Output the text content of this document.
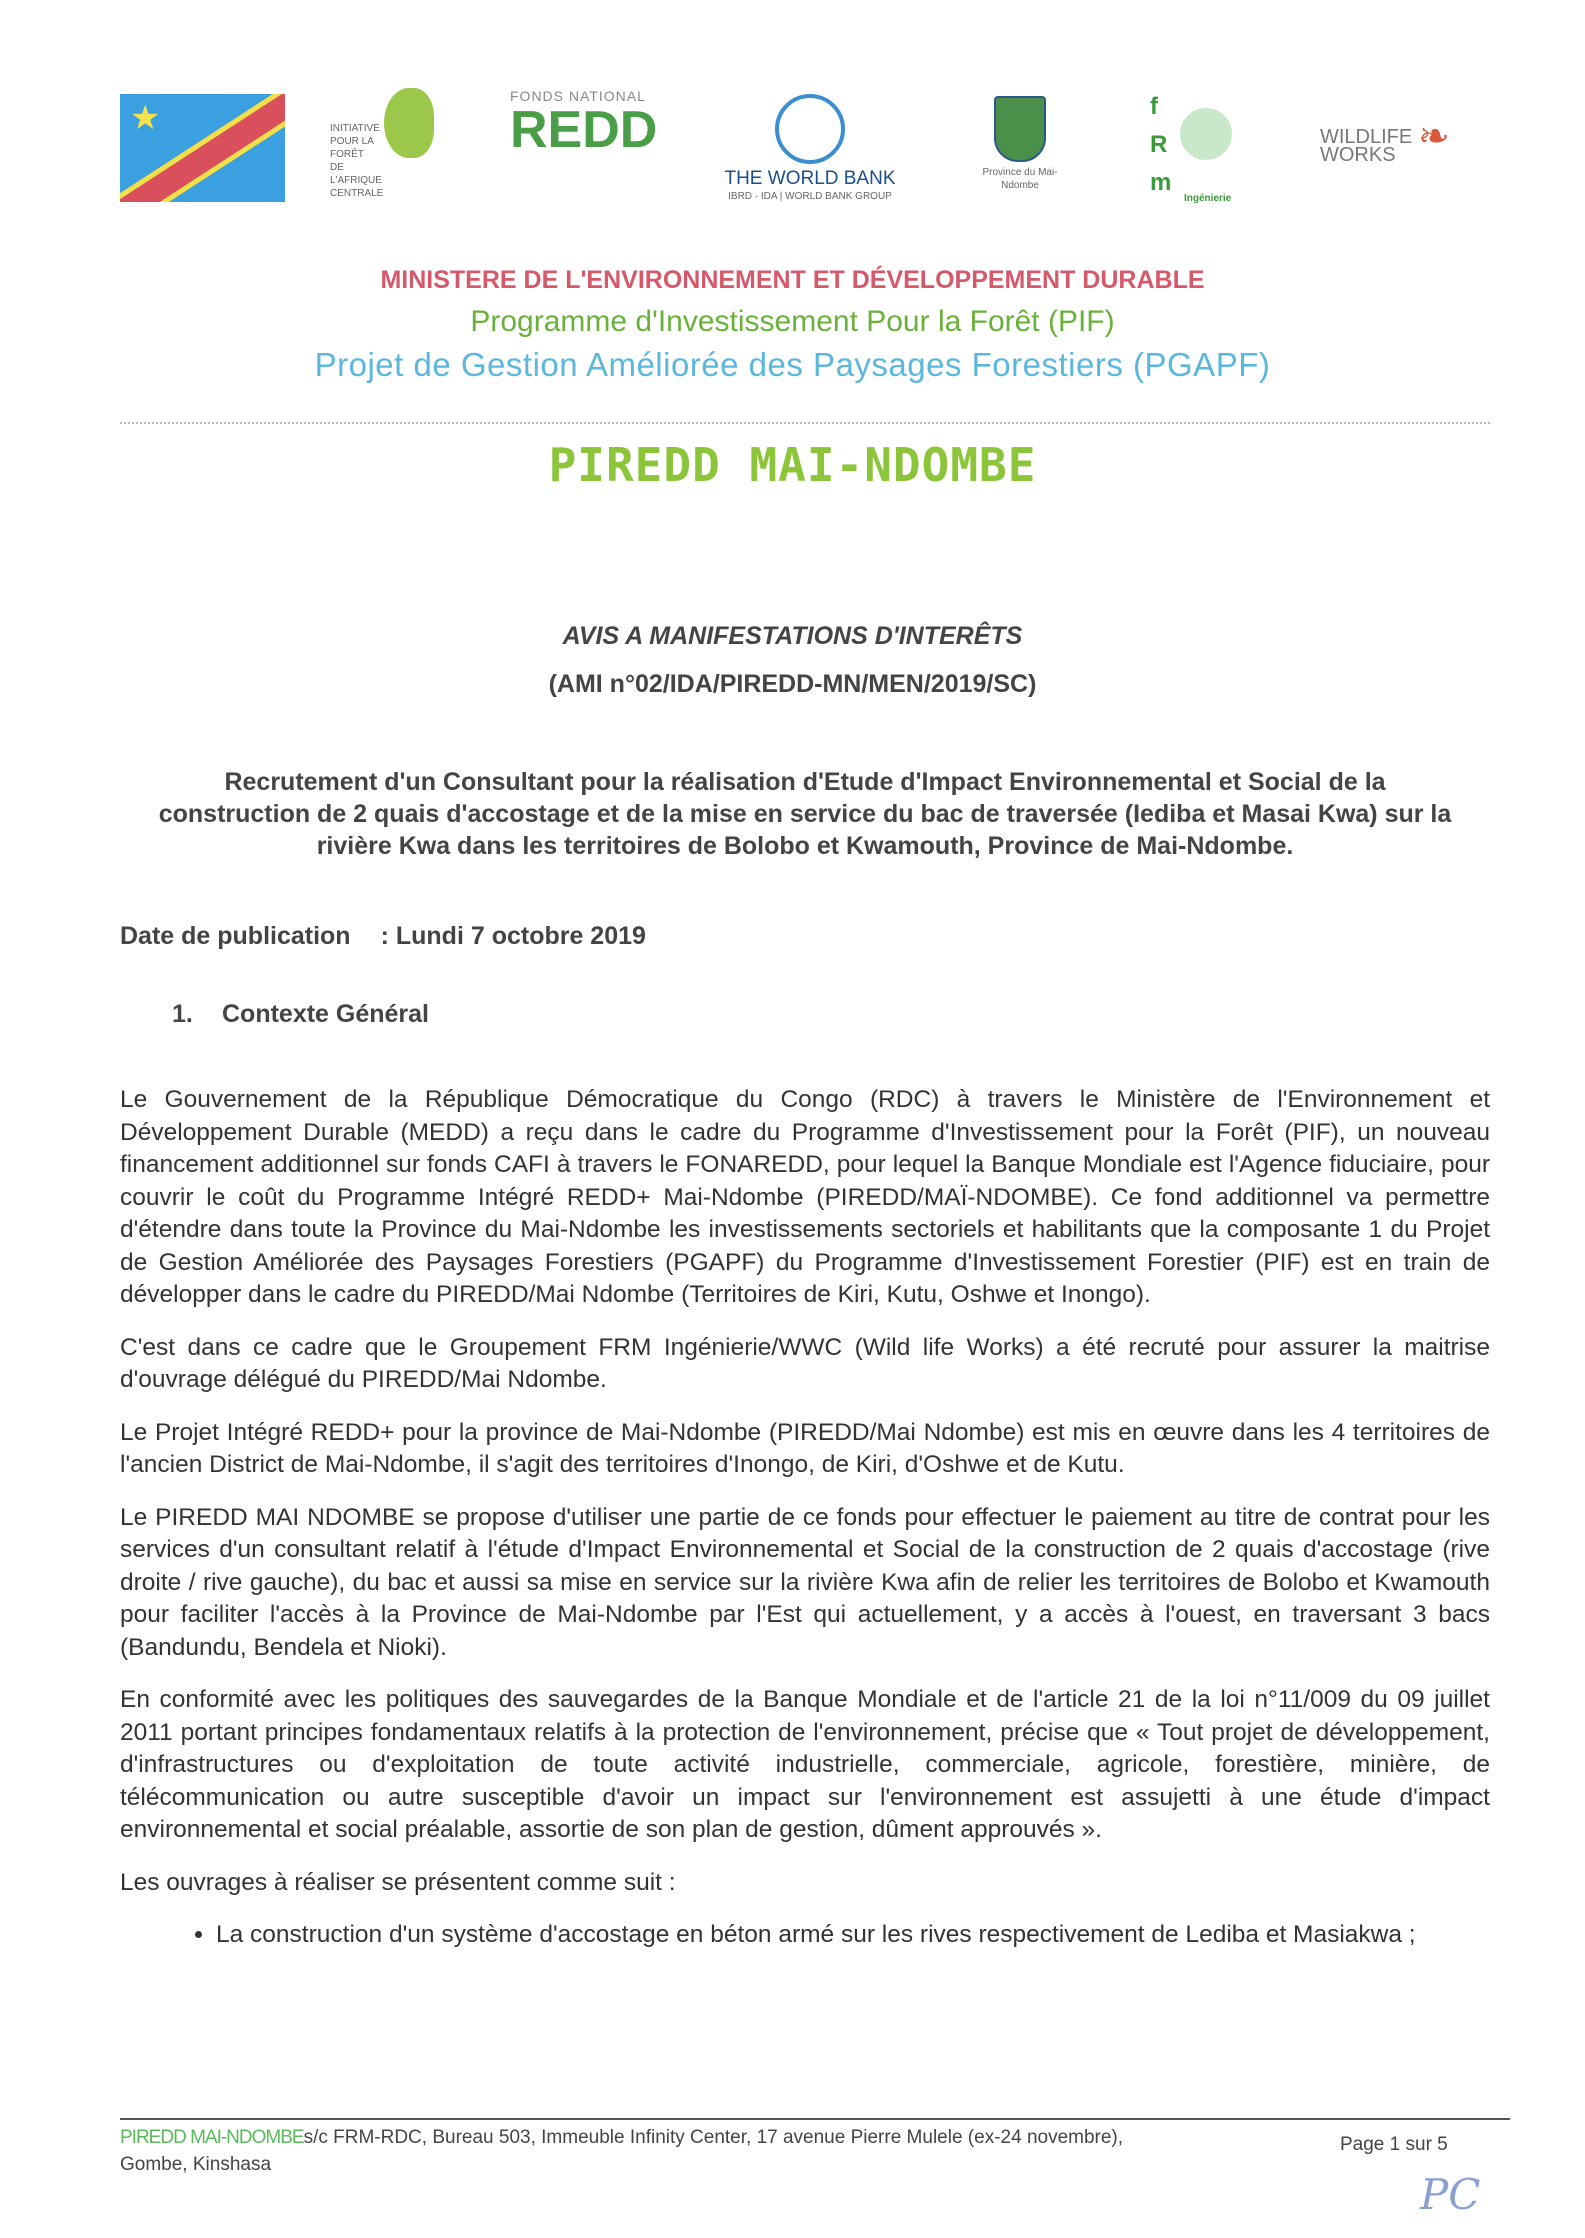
★	INITIATIVE POUR LA FORÊT DE L'AFRIQUE CENTRALE
FONDS NATIONAL
REDD
THE WORLD BANK
IBRD · IDA | WORLD BANK GROUP
Province du Mai-Ndombe
f
R
m
Ingénierie
WILDLIFE
WORKS ❧
MINISTERE DE L'ENVIRONNEMENT ET DÉVELOPPEMENT DURABLE
Programme d'Investissement Pour la Forêt (PIF)
Projet de Gestion Améliorée des Paysages Forestiers (PGAPF)
PIREDD MAI-NDOMBE
AVIS A MANIFESTATIONS D'INTERÊTS
(AMI n°02/IDA/PIREDD-MN/MEN/2019/SC)
Recrutement d'un Consultant pour la réalisation d'Etude d'Impact Environnemental et Social de la construction de 2 quais d'accostage et de la mise en service du bac de traversée (Iediba et Masai Kwa) sur la rivière Kwa dans les territoires de Bolobo et Kwamouth, Province de Mai-Ndombe.
Date de publication : Lundi 7 octobre 2019
1. Contexte Général

Le Gouvernement de la République Démocratique du Congo (RDC) à travers le Ministère de l'Environnement et Développement Durable (MEDD) a reçu dans le cadre du Programme d'Investissement pour la Forêt (PIF), un nouveau financement additionnel sur fonds CAFI à travers le FONAREDD, pour lequel la Banque Mondiale est l'Agence fiduciaire, pour couvrir le coût du Programme Intégré REDD+ Mai-Ndombe (PIREDD/MAÏ-NDOMBE). Ce fond additionnel va permettre d'étendre dans toute la Province du Mai-Ndombe les investissements sectoriels et habilitants que la composante 1 du Projet de Gestion Améliorée des Paysages Forestiers (PGAPF) du Programme d'Investissement Forestier (PIF) est en train de développer dans le cadre du PIREDD/Mai Ndombe (Territoires de Kiri, Kutu, Oshwe et Inongo).

C'est dans ce cadre que le Groupement FRM Ingénierie/WWC (Wild life Works) a été recruté pour assurer la maitrise d'ouvrage délégué du PIREDD/Mai Ndombe.

Le Projet Intégré REDD+ pour la province de Mai-Ndombe (PIREDD/Mai Ndombe) est mis en œuvre dans les 4 territoires de l'ancien District de Mai-Ndombe, il s'agit des territoires d'Inongo, de Kiri, d'Oshwe et de Kutu.

Le PIREDD MAI NDOMBE se propose d'utiliser une partie de ce fonds pour effectuer le paiement au titre de contrat pour les services d'un consultant relatif à l'étude d'Impact Environnemental et Social de la construction de 2 quais d'accostage (rive droite / rive gauche), du bac et aussi sa mise en service sur la rivière Kwa afin de relier les territoires de Bolobo et Kwamouth pour faciliter l'accès à la Province de Mai-Ndombe par l'Est qui actuellement, y a accès à l'ouest, en traversant 3 bacs (Bandundu, Bendela et Nioki).

En conformité avec les politiques des sauvegardes de la Banque Mondiale et de l'article 21 de la loi n°11/009 du 09 juillet 2011 portant principes fondamentaux relatifs à la protection de l'environnement, précise que « Tout projet de développement, d'infrastructures ou d'exploitation de toute activité industrielle, commerciale, agricole, forestière, minière, de télécommunication ou autre susceptible d'avoir un impact sur l'environnement est assujetti à une étude d'impact environnemental et social préalable, assortie de son plan de gestion, dûment approuvés ».

Les ouvrages à réaliser se présentent comme suit :

• La construction d'un système d'accostage en béton armé sur les rives respectivement de Lediba et Masiakwa ;
PIREDD MAI-NDOMBEs/c FRM-RDC, Bureau 503, Immeuble Infinity Center, 17 avenue Pierre Mulele (ex-24 novembre), Gombe, Kinshasa
Page 1 sur 5
PC
